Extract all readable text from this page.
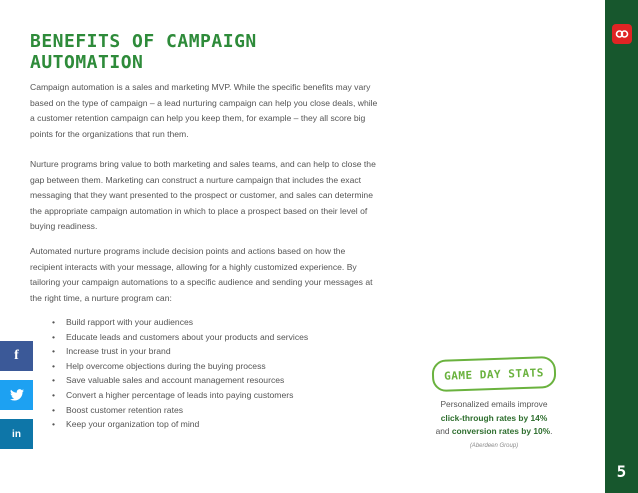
BENEFITS OF CAMPAIGN AUTOMATION

Campaign automation is a sales and marketing MVP. While the specific benefits may vary based on the type of campaign – a lead nurturing campaign can help you close deals, while a customer retention campaign can help you keep them, for example – they all score big points for the organizations that run them.

Nurture programs bring value to both marketing and sales teams, and can help to close the gap between them. Marketing can construct a nurture campaign that includes the exact messaging that they want presented to the prospect or customer, and sales can determine the appropriate campaign automation in which to place a prospect based on their level of buying readiness.

Automated nurture programs include decision points and actions based on how the recipient interacts with your message, allowing for a highly customized experience. By tailoring your campaign automations to a specific audience and sending your messages at the right time, a nurture program can:

• Build rapport with your audiences
• Educate leads and customers about your products and services
• Increase trust in your brand
• Help overcome objections during the buying process
• Save valuable sales and account management resources
• Convert a higher percentage of leads into paying customers
• Boost customer retention rates
• Keep your organization top of mind
GAME DAY STATS
Personalized emails improve
click-through rates by 14%
and conversion rates by 10%.
(Aberdeen Group)
f
in
5
